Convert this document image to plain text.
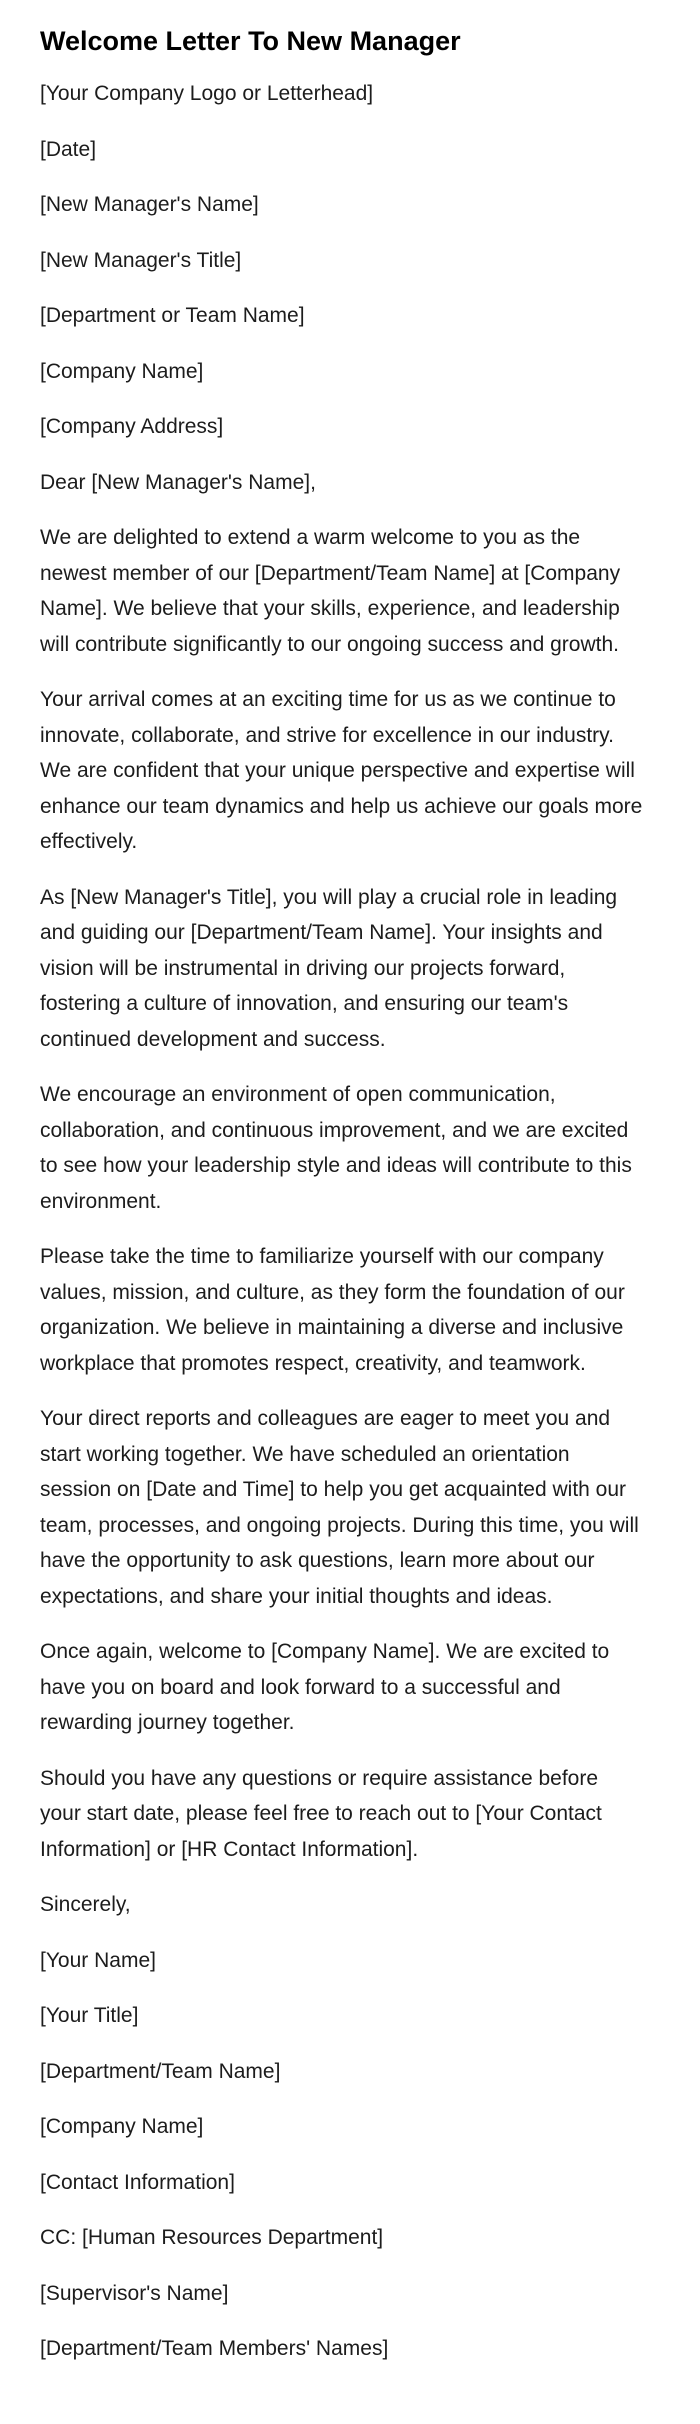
Welcome Letter To New Manager

[Your Company Logo or Letterhead]

[Date]

[New Manager's Name]

[New Manager's Title]

[Department or Team Name]

[Company Name]

[Company Address]

Dear [New Manager's Name],

We are delighted to extend a warm welcome to you as the newest member of our [Department/Team Name] at [Company Name]. We believe that your skills, experience, and leadership will contribute significantly to our ongoing success and growth.

Your arrival comes at an exciting time for us as we continue to innovate, collaborate, and strive for excellence in our industry. We are confident that your unique perspective and expertise will enhance our team dynamics and help us achieve our goals more effectively.

As [New Manager's Title], you will play a crucial role in leading and guiding our [Department/Team Name]. Your insights and vision will be instrumental in driving our projects forward, fostering a culture of innovation, and ensuring our team's continued development and success.

We encourage an environment of open communication, collaboration, and continuous improvement, and we are excited to see how your leadership style and ideas will contribute to this environment.

Please take the time to familiarize yourself with our company values, mission, and culture, as they form the foundation of our organization. We believe in maintaining a diverse and inclusive workplace that promotes respect, creativity, and teamwork.

Your direct reports and colleagues are eager to meet you and start working together. We have scheduled an orientation session on [Date and Time] to help you get acquainted with our team, processes, and ongoing projects. During this time, you will have the opportunity to ask questions, learn more about our expectations, and share your initial thoughts and ideas.

Once again, welcome to [Company Name]. We are excited to have you on board and look forward to a successful and rewarding journey together.

Should you have any questions or require assistance before your start date, please feel free to reach out to [Your Contact Information] or [HR Contact Information].

Sincerely,

[Your Name]

[Your Title]

[Department/Team Name]

[Company Name]

[Contact Information]

CC: [Human Resources Department]

[Supervisor's Name]

[Department/Team Members' Names]
